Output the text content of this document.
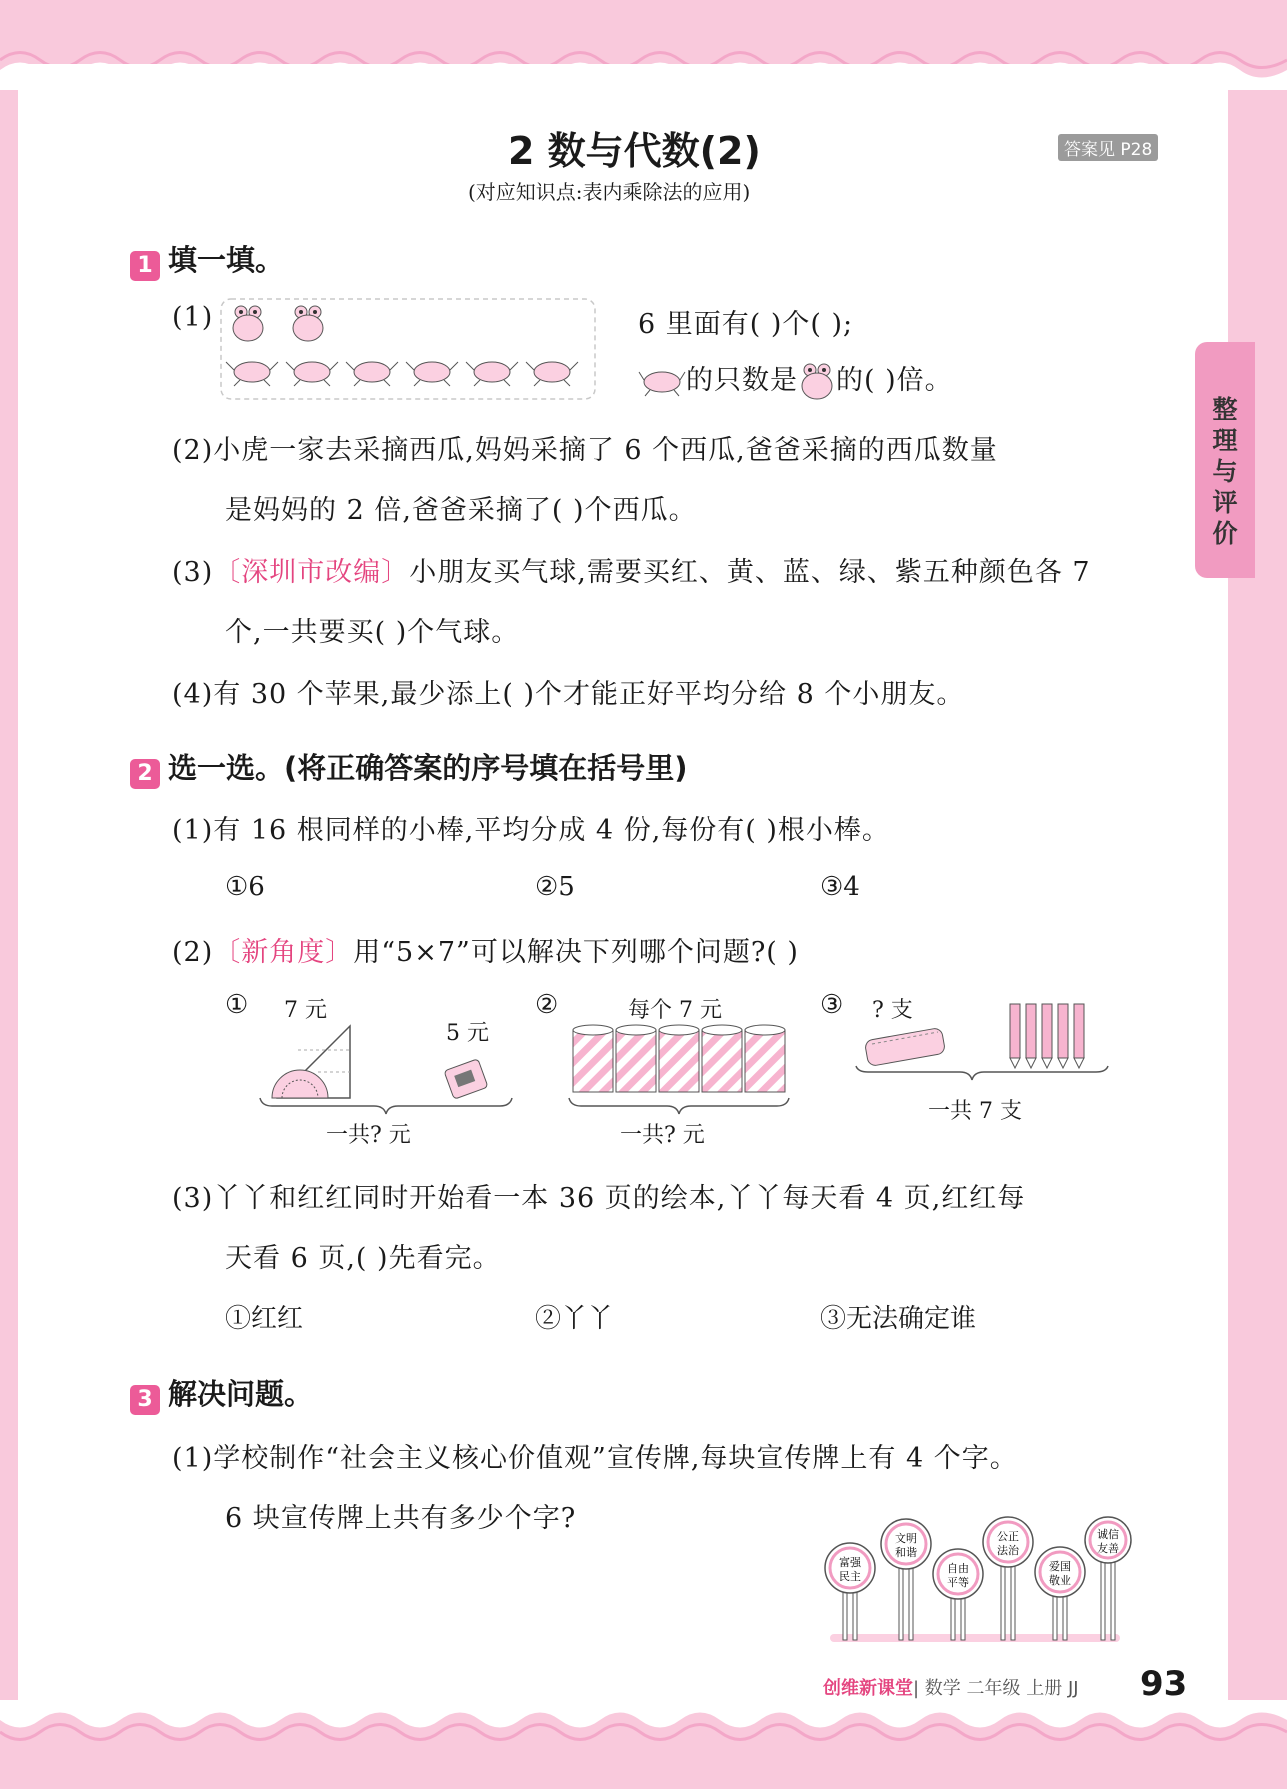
2 数与代数(2)
(对应知识点:表内乘除法的应用)
答案见 P28
整理与评价
1 填一填。
(1)	6 里面有( )个( );
的只数是 的( )倍。
(2)小虎一家去采摘西瓜,妈妈采摘了 6 个西瓜,爸爸采摘的西瓜数量
是妈妈的 2 倍,爸爸采摘了( )个西瓜。
(3)〔深圳市改编〕小朋友买气球,需要买红、黄、蓝、绿、紫五种颜色各 7
个,一共要买( )个气球。
(4)有 30 个苹果,最少添上( )个才能正好平均分给 8 个小朋友。
2 选一选。(将正确答案的序号填在括号里)
(1)有 16 根同样的小棒,平均分成 4 份,每份有( )根小棒。
①6	②5	③4
(2)〔新角度〕用“5×7”可以解决下列哪个问题?( )
① 7 元
5 元
一共? 元
②	每个 7 元
一共? 元
③ ? 支
一共 7 支
(3)丫丫和红红同时开始看一本 36 页的绘本,丫丫每天看 4 页,红红每
天看 6 页,( )先看完。
①红红	②丫丫	③无法确定谁
3 解决问题。
(1)学校制作“社会主义核心价值观”宣传牌,每块宣传牌上有 4 个字。
6 块宣传牌上共有多少个字?
富强
民主
文明
和谐
自由
平等
公正
法治
爱国
敬业
诚信
友善
创维新课堂| 数学 二年级 上册 JJ 93
